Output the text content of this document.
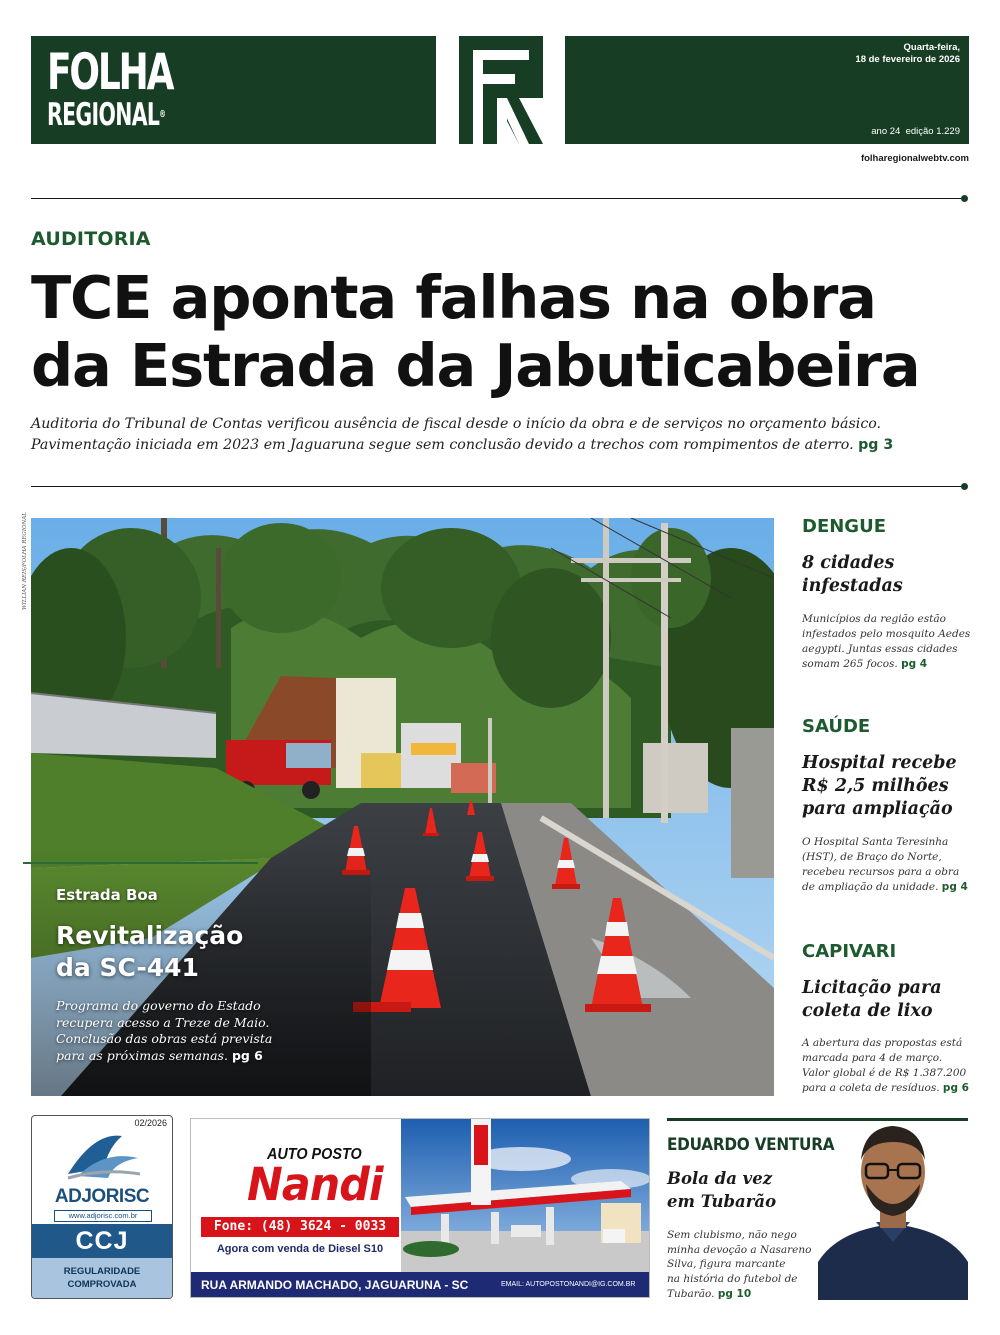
FOLHA
REGIONAL®
Quarta-feira,
18 de fevereiro de 2026
ano 24  edição 1.229
folharegionalwebtv.com
AUDITORIA
TCE aponta falhas na obra
da Estrada da Jabuticabeira

Auditoria do Tribunal de Contas verificou ausência de fiscal desde o início da obra e de serviços no orçamento básico.
Pavimentação iniciada em 2023 em Jaguaruna segue sem conclusão devido a trechos com rompimentos de aterro. pg 3

WILLIAN REIS/FOLHA REGIONAL
Estrada Boa
Revitalização
da SC-441

Programa do governo do Estado
recupera acesso a Treze de Maio.
Conclusão das obras está prevista
para as próximas semanas. pg 6

DENGUE
8 cidades
infestadas

Municípios da região estão
infestados pelo mosquito Aedes
aegypti. Juntas essas cidades
somam 265 focos. pg 4

SAÚDE
Hospital recebe
R$ 2,5 milhões
para ampliação

O Hospital Santa Teresinha
(HST), de Braço do Norte,
recebeu recursos para a obra
de ampliação da unidade. pg 4

CAPIVARI
Licitação para
coleta de lixo

A abertura das propostas está
marcada para 4 de março.
Valor global é de R$ 1.387.200
para a coleta de resíduos. pg 6

02/2026
ADJORISC
www.adjorisc.com.br
CCJ
REGULARIDADE
COMPROVADA
AUTO POSTO
Nandi
Fone: (48) 3624 - 0033
Agora com venda de Diesel S10
RUA ARMANDO MACHADO, JAGUARUNA - SC	EMAIL: AUTOPOSTONANDI@IG.COM.BR
EDUARDO VENTURA
Bola da vez
em Tubarão

Sem clubismo, não nego
minha devoção a Nasareno
Silva, figura marcante
na história do futebol de
Tubarão. pg 10
